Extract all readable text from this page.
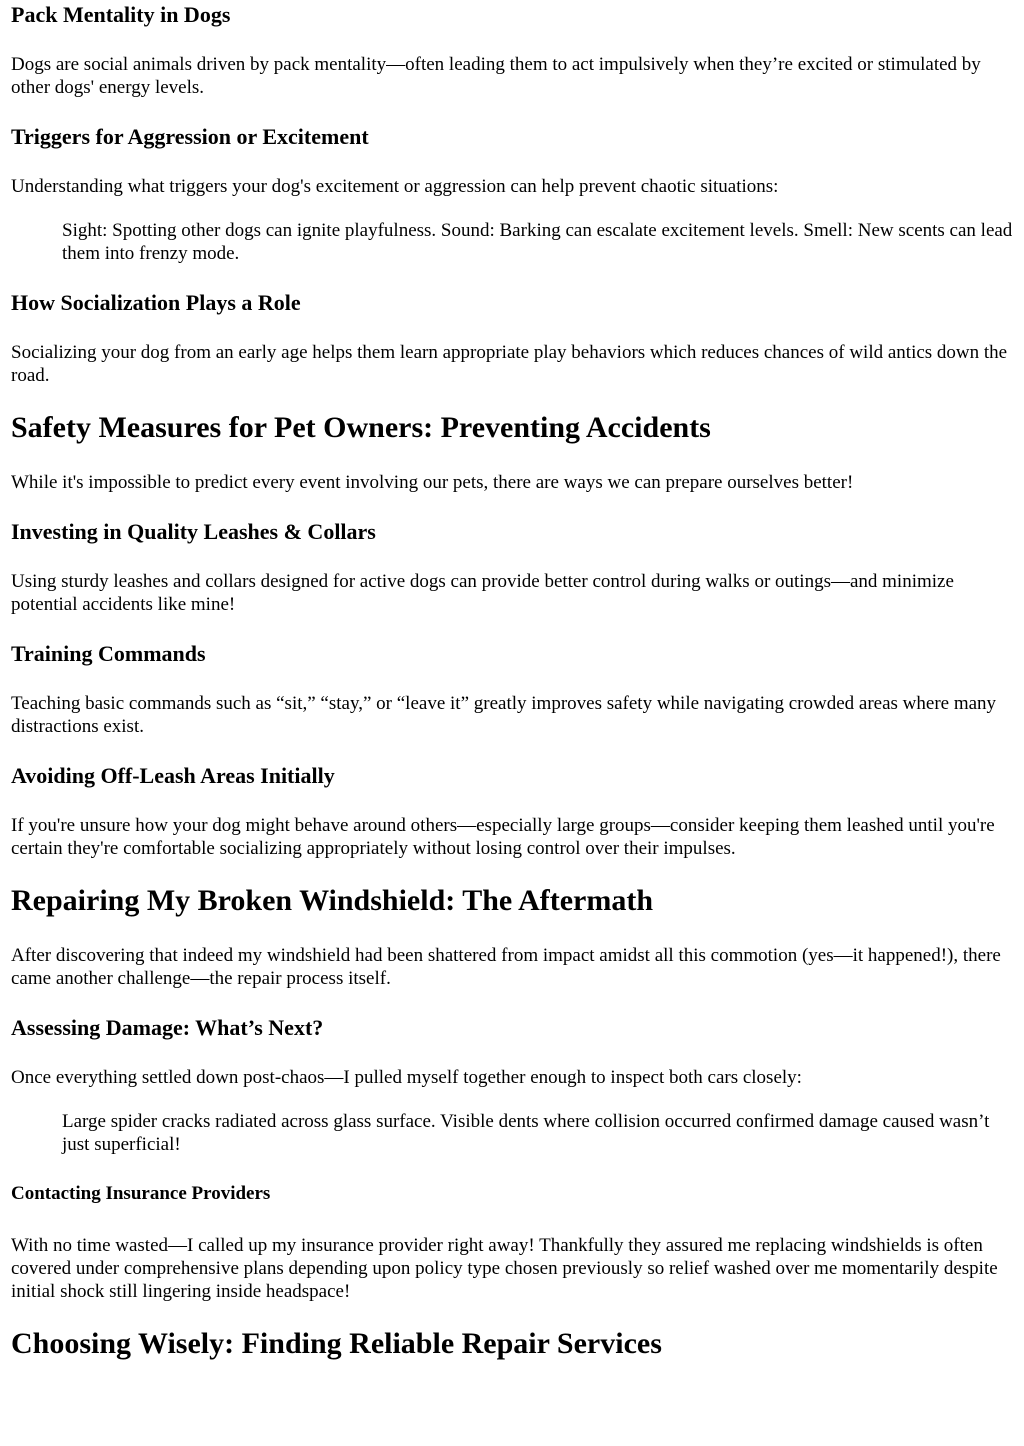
Pack Mentality in Dogs

Dogs are social animals driven by pack mentality—often leading them to act impulsively when they’re excited or stimulated by other dogs' energy levels.

Triggers for Aggression or Excitement

Understanding what triggers your dog's excitement or aggression can help prevent chaotic situations:

Sight: Spotting other dogs can ignite playfulness. Sound: Barking can escalate excitement levels. Smell: New scents can lead them into frenzy mode.
How Socialization Plays a Role

Socializing your dog from an early age helps them learn appropriate play behaviors which reduces chances of wild antics down the road.

Safety Measures for Pet Owners: Preventing Accidents

While it's impossible to predict every event involving our pets, there are ways we can prepare ourselves better!

Investing in Quality Leashes & Collars

Using sturdy leashes and collars designed for active dogs can provide better control during walks or outings—and minimize potential accidents like mine!

Training Commands

Teaching basic commands such as “sit,” “stay,” or “leave it” greatly improves safety while navigating crowded areas where many distractions exist.

Avoiding Off-Leash Areas Initially

If you're unsure how your dog might behave around others—especially large groups—consider keeping them leashed until you're certain they're comfortable socializing appropriately without losing control over their impulses.

Repairing My Broken Windshield: The Aftermath

After discovering that indeed my windshield had been shattered from impact amidst all this commotion (yes—it happened!), there came another challenge—the repair process itself.

Assessing Damage: What’s Next?

Once everything settled down post-chaos—I pulled myself together enough to inspect both cars closely:

Large spider cracks radiated across glass surface. Visible dents where collision occurred confirmed damage caused wasn’t just superficial!
Contacting Insurance Providers

With no time wasted—I called up my insurance provider right away! Thankfully they assured me replacing windshields is often covered under comprehensive plans depending upon policy type chosen previously so relief washed over me momentarily despite initial shock still lingering inside headspace!

Choosing Wisely: Finding Reliable Repair Services
